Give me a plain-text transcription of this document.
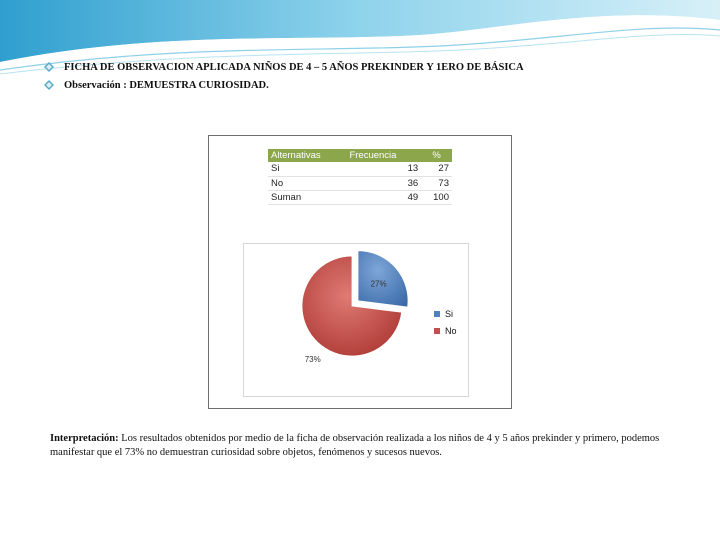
FICHA DE OBSERVACION APLICADA NIÑOS DE 4 – 5 AÑOS PREKINDER Y 1ERO DE BÁSICA
Observación : DEMUESTRA CURIOSIDAD.
Alternativas	Frecuencia	%
Si	13	27
No	36	73
Suman	49	100
27%
73%
Si
No
Interpretación: Los resultados obtenidos por medio de la ficha de observación realizada a los niños de 4 y 5 años prekinder y primero, podemos manifestar que el 73% no demuestran curiosidad sobre objetos, fenómenos y sucesos nuevos.
